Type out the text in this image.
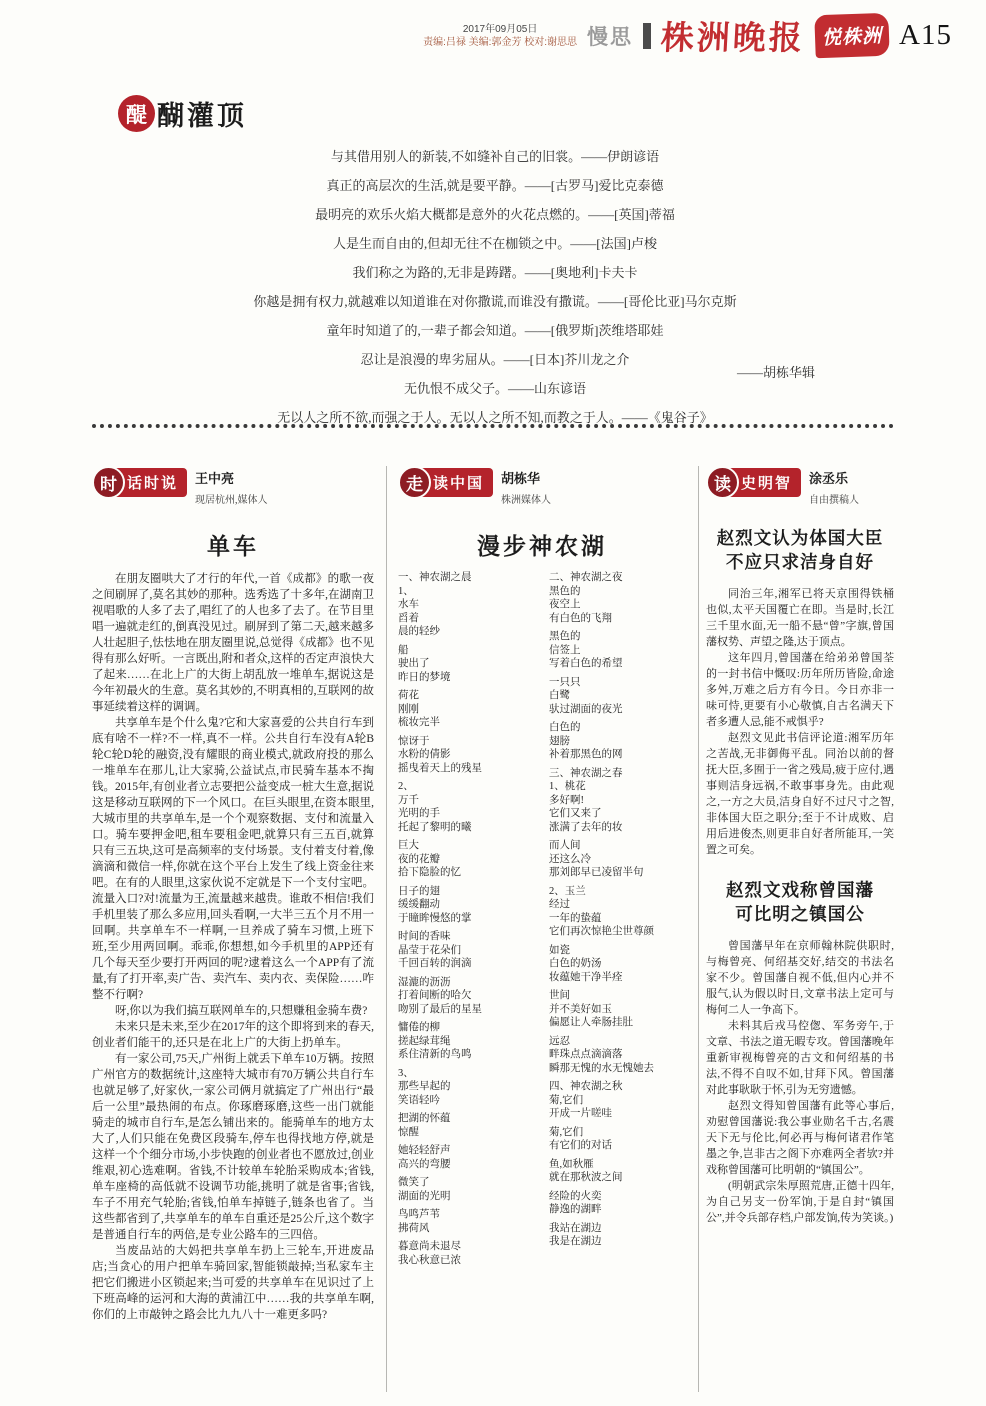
2017年09月05日
责编:吕禄 美编:郭金芳 校对:谢思思 慢思 株洲晚报 悦株洲 A15
醍 醐灌顶
与其借用别人的新装,不如缝补自己的旧裳。——伊朗谚语
真正的高层次的生活,就是要平静。——[古罗马]爱比克泰德
最明亮的欢乐火焰大概都是意外的火花点燃的。——[英国]蒂福
人是生而自由的,但却无往不在枷锁之中。——[法国]卢梭
我们称之为路的,无非是踌躇。——[奥地利]卡夫卡
你越是拥有权力,就越难以知道谁在对你撒谎,而谁没有撒谎。——[哥伦比亚]马尔克斯
童年时知道了的,一辈子都会知道。——[俄罗斯]茨维塔耶娃
忍让是浪漫的卑劣屈从。——[日本]芥川龙之介
无仇恨不成父子。——山东谚语
无以人之所不欲,而强之于人。无以人之所不知,而教之于人。——《鬼谷子》
——胡栋华辑
时 话时说	王中亮
现居杭州,媒体人
单车
在朋友圈哄大了才行的年代,一首《成都》的歌一夜之间刷屏了,莫名其妙的那种。选秀选了十多年,在湖南卫视唱歌的人多了去了,唱红了的人也多了去了。在节目里唱一遍就走红的,倒真没见过。刷屏到了第二天,越来越多人壮起胆子,怯怯地在朋友圈里说,总觉得《成都》也不见得有那么好听。一言既出,附和者众,这样的否定声浪快大了起来……在北上广的大街上胡乱放一堆单车,据说这是今年初最火的生意。莫名其妙的,不明真相的,互联网的故事延续着这样的调调。
共享单车是个什么鬼?它和大家喜爱的公共自行车到底有啥不一样?不一样,真不一样。公共自行车没有A轮B轮C轮D轮的融资,没有耀眼的商业模式,就政府投的那么一堆单车在那儿,让大家骑,公益试点,市民骑车基本不掏钱。2015年,有创业者立志要把公益变成一桩大生意,据说这是移动互联网的下一个风口。在巨头眼里,在资本眼里,大城市里的共享单车,是一个个观察数据、支付和流量入口。骑车要押金吧,租车要租金吧,就算只有三五百,就算只有三五块,这可是高频率的支付场景。支付着支付着,像滴滴和微信一样,你就在这个平台上发生了线上资金往来吧。在有的人眼里,这家伙说不定就是下一个支付宝吧。流量入口?对!流量为王,流量越来越贵。谁敢不相信!我们手机里装了那么多应用,回头看啊,一大半三五个月不用一回啊。共享单车不一样啊,一旦养成了骑车习惯,上班下班,至少用两回啊。乖乖,你想想,如今手机里的APP还有几个每天至少要打开两回的呢?逮着这么一个APP有了流量,有了打开率,卖广告、卖汽车、卖内衣、卖保险……咋整不行啊?
呀,你以为我们搞互联网单车的,只想赚租金骑车费?
未来只是未来,至少在2017年的这个即将到来的春天,创业者们能干的,还只是在北上广的大街上扔单车。
有一家公司,75天,广州街上就丢下单车10万辆。按照广州官方的数据统计,这座特大城市有70万辆公共自行车也就足够了,好家伙,一家公司俩月就搞定了广州出行“最后一公里”最热闹的布点。你琢磨琢磨,这些一出门就能骑走的城市自行车,是怎么铺出来的。能骑单车的地方太大了,人们只能在免费区段骑车,停车也得找地方停,就是这样一个个细分市场,小步快跑的创业者也不愿放过,创业维艰,初心选难啊。省钱,不计较单车轮胎采购成本;省钱,单车座椅的高低就不设调节功能,挑明了就是省事;省钱,车子不用充气轮胎;省钱,怕单车掉链子,链条也省了。当这些都省到了,共享单车的单车自重还是25公斤,这个数字是普通自行车的两倍,是专业公路车的三四倍。
当废品站的大妈把共享单车扔上三轮车,开进废品店;当贪心的用户把单车骑回家,智能锁敲掉;当私家车主把它们搬进小区锁起来;当可爱的共享单车在见识过了上下班高峰的运河和大海的黄浦江中……我的共享单车啊,你们的上市敲钟之路会比九九八十一难更多吗?
走 读中国	胡栋华
株洲媒体人
漫步神农湖
一、神农湖之晨
1、
水车
舀着
晨的轻纱
船
驶出了
昨日的梦境
荷花
刚刚
梳妆完半
惊讶于
水粉的倩影
摇曳着天上的残星
2、
万千
光明的手
托起了黎明的曦
巨大
夜的花瓣
拾下隐脸的忆
日子的翅
缓缓翻动
于瞳眸慢悠的掌
时间的香味
晶莹于花朵们
千回百转的润滴
湿漉的沥沥
打着间断的哈欠
吻别了最后的星星
慵倦的柳
搓起绿茸绳
系住清新的鸟鸣
3、
那些早起的
笑语轻吟
把湖的怀蕴
惊醒
她轻轻舒声
高兴的弯腰
微笑了
湖面的光明
鸟鸣芦苇
拂荷风
暮意尚未退尽
我心秋意已浓
二、神农湖之夜
黑色的
夜空上
有白色的飞翔
黑色的
信签上
写着白色的希望
一只只
白鹭
驮过湖面的夜光
白色的
翅膀
补着那黑色的网
三、神农湖之春
1、桃花
多好啊!
它们又来了
涨满了去年的妆
而人间
还这么冷
那刘郎早已凌留半句
2、玉兰
经过
一年的蛰蕴
它们再次惊艳尘世尊颜
如瓷
白色的奶汤
妆蕴她干净半痊
世间
并不美好如玉
偏愿让人牵肠挂肚
远忍
畔珠点点滴滴落
瞬那无愧的水无愧她去
四、神农湖之秋
菊,它们
开成一片嗟哇
菊,它们
有它们的对话
鱼,如秋雁
就在那秋波之间
经险的火奕
静逸的湖畔
我站在湖边
我是在湖边
读 史明智	涂丞乐
自由撰稿人
赵烈文认为体国大臣
不应只求洁身自好
同治三年,湘军已将天京围得铁桶也似,太平天国覆亡在即。当是时,长江三千里水面,无一船不悬“曾”字旗,曾国藩权势、声望之隆,达于顶点。
这年四月,曾国藩在给弟弟曾国荃的一封书信中慨叹:历年所历皆险,命途多舛,万难之后方有今日。今日亦非一味可恃,更要有小心敬慎,自古名满天下者多遭人忌,能不戒惧乎?
赵烈文见此书信评论道:湘军历年之苦战,无非御侮平乱。同治以前的督抚大臣,多囿于一省之残局,疲于应付,遇事则洁身远祸,不敢事事身先。由此观之,一方之大员,洁身自好不过尺寸之智,非体国大臣之职分;至于不计成败、启用后进俊杰,则更非自好者所能耳,一笑置之可矣。
赵烈文戏称曾国藩
可比明之镇国公
曾国藩早年在京师翰林院供职时,与梅曾亮、何绍基交好,结交的书法名家不少。曾国藩自视不低,但内心并不服气,认为假以时日,文章书法上定可与梅何二人一争高下。
未料其后戎马倥偬、军务旁午,于文章、书法之道无暇专攻。曾国藩晚年重新审视梅曾亮的古文和何绍基的书法,不得不自叹不如,甘拜下风。曾国藩对此事耿耿于怀,引为无穷遗憾。
赵烈文得知曾国藩有此等心事后,劝慰曾国藩说:我公事业勋名千古,名震天下无与伦比,何必再与梅何诸君作笔墨之争,岂非古之阁下亦难两全者欤?并戏称曾国藩可比明朝的“镇国公”。
(明朝武宗朱厚照荒唐,正德十四年,为自己另支一份军饷,于是自封“镇国公”,并令兵部存档,户部发饷,传为笑谈。)
